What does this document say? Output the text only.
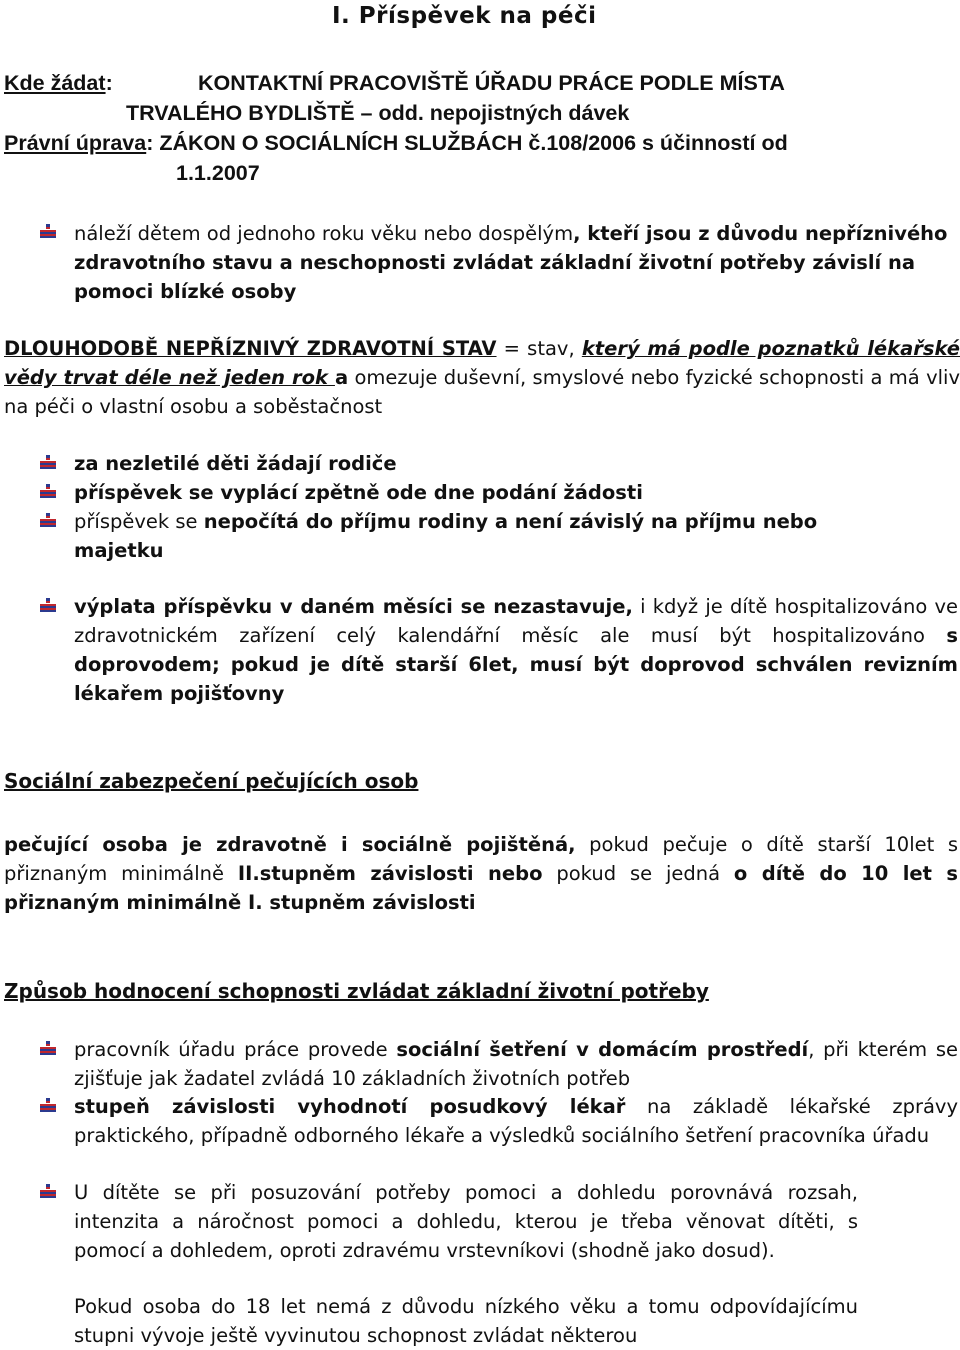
I. Příspěvek na péči
Kde žádat:	KONTAKTNÍ PRACOVIŠTĚ ÚŘADU PRÁCE PODLE MÍSTA
TRVALÉHO BYDLIŠTĚ – odd. nepojistných dávek
Právní úprava: ZÁKON O SOCIÁLNÍCH SLUŽBÁCH č.108/2006 s účinností od
1.1.2007
náleží dětem od jednoho roku věku nebo dospělým, kteří jsou z důvodu nepříznivého zdravotního stavu a neschopnosti zvládat základní životní potřeby závislí na pomoci blízké osoby
DLOUHODOBĚ NEPŘÍZNIVÝ ZDRAVOTNÍ STAV = stav, který má podle poznatků lékařské vědy trvat déle než jeden rok a omezuje duševní, smyslové nebo fyzické schopnosti a má vliv na péči o vlastní osobu a soběstačnost
za nezletilé děti žádají rodiče
příspěvek se vyplácí zpětně ode dne podání žádosti
příspěvek se nepočítá do příjmu rodiny a není závislý na příjmu nebo majetku
výplata příspěvku v daném měsíci se nezastavuje, i když je dítě hospitalizováno ve zdravotnickém zařízení celý kalendářní měsíc ale musí být hospitalizováno s doprovodem; pokud je dítě starší 6let, musí být doprovod schválen revizním lékařem pojišťovny
Sociální zabezpečení pečujících osob
pečující osoba je zdravotně i sociálně pojištěná, pokud pečuje o dítě starší 10let s přiznaným minimálně II.stupněm závislosti nebo pokud se jedná o dítě do 10 let s přiznaným minimálně I. stupněm závislosti
Způsob hodnocení schopnosti zvládat základní životní potřeby
pracovník úřadu práce provede sociální šetření v domácím prostředí, při kterém se zjišťuje jak žadatel zvládá 10 základních životních potřeb
stupeň závislosti vyhodnotí posudkový lékař na základě lékařské zprávy praktického, případně odborného lékaře a výsledků sociálního šetření pracovníka úřadu
U dítěte se při posuzování potřeby pomoci a dohledu porovnává rozsah, intenzita a náročnost pomoci a dohledu, kterou je třeba věnovat dítěti, s pomocí a dohledem, oproti zdravému vrstevníkovi (shodně jako dosud).
Pokud osoba do 18 let nemá z důvodu nízkého věku a tomu odpovídajícímu stupni vývoje ještě vyvinutou schopnost zvládat některou
